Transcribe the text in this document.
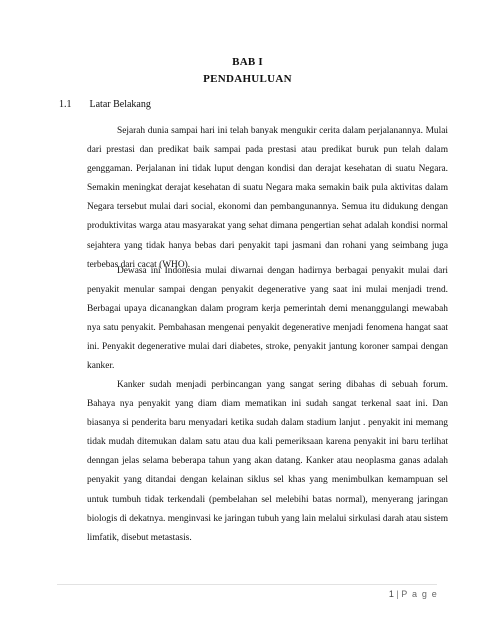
BAB I
PENDAHULUAN
1.1 Latar Belakang

Sejarah dunia sampai hari ini telah banyak mengukir cerita dalam perjalanannya. Mulai dari prestasi dan predikat baik sampai pada prestasi atau predikat buruk pun telah dalam genggaman. Perjalanan ini tidak luput dengan kondisi dan derajat kesehatan di suatu Negara. Semakin meningkat derajat kesehatan di suatu Negara maka semakin baik pula aktivitas dalam Negara tersebut mulai dari social, ekonomi dan pembangunannya. Semua itu didukung dengan produktivitas warga atau masyarakat yang sehat dimana pengertian sehat adalah kondisi normal sejahtera yang tidak hanya bebas dari penyakit tapi jasmani dan rohani yang seimbang juga terbebas dari cacat (WHO).

Dewasa ini Indonesia mulai diwarnai dengan hadirnya berbagai penyakit mulai dari penyakit menular sampai dengan penyakit degenerative yang saat ini mulai menjadi trend. Berbagai upaya dicanangkan dalam program kerja pemerintah demi menanggulangi mewabah nya satu penyakit. Pembahasan mengenai penyakit degenerative menjadi fenomena hangat saat ini. Penyakit degenerative mulai dari diabetes, stroke, penyakit jantung koroner sampai dengan kanker.

Kanker sudah menjadi perbincangan yang sangat sering dibahas di sebuah forum. Bahaya nya penyakit yang diam diam mematikan ini sudah sangat terkenal saat ini. Dan biasanya si penderita baru menyadari ketika sudah dalam stadium lanjut . penyakit ini memang tidak mudah ditemukan dalam satu atau dua kali pemeriksaan karena penyakit ini baru terlihat denngan jelas selama beberapa tahun yang akan datang. Kanker atau neoplasma ganas adalah penyakit yang ditandai dengan kelainan siklus sel khas yang menimbulkan kemampuan sel untuk tumbuh tidak terkendali (pembelahan sel melebihi batas normal), menyerang jaringan biologis di dekatnya. menginvasi ke jaringan tubuh yang lain melalui sirkulasi darah atau sistem limfatik, disebut metastasis.

1 | P a g e
